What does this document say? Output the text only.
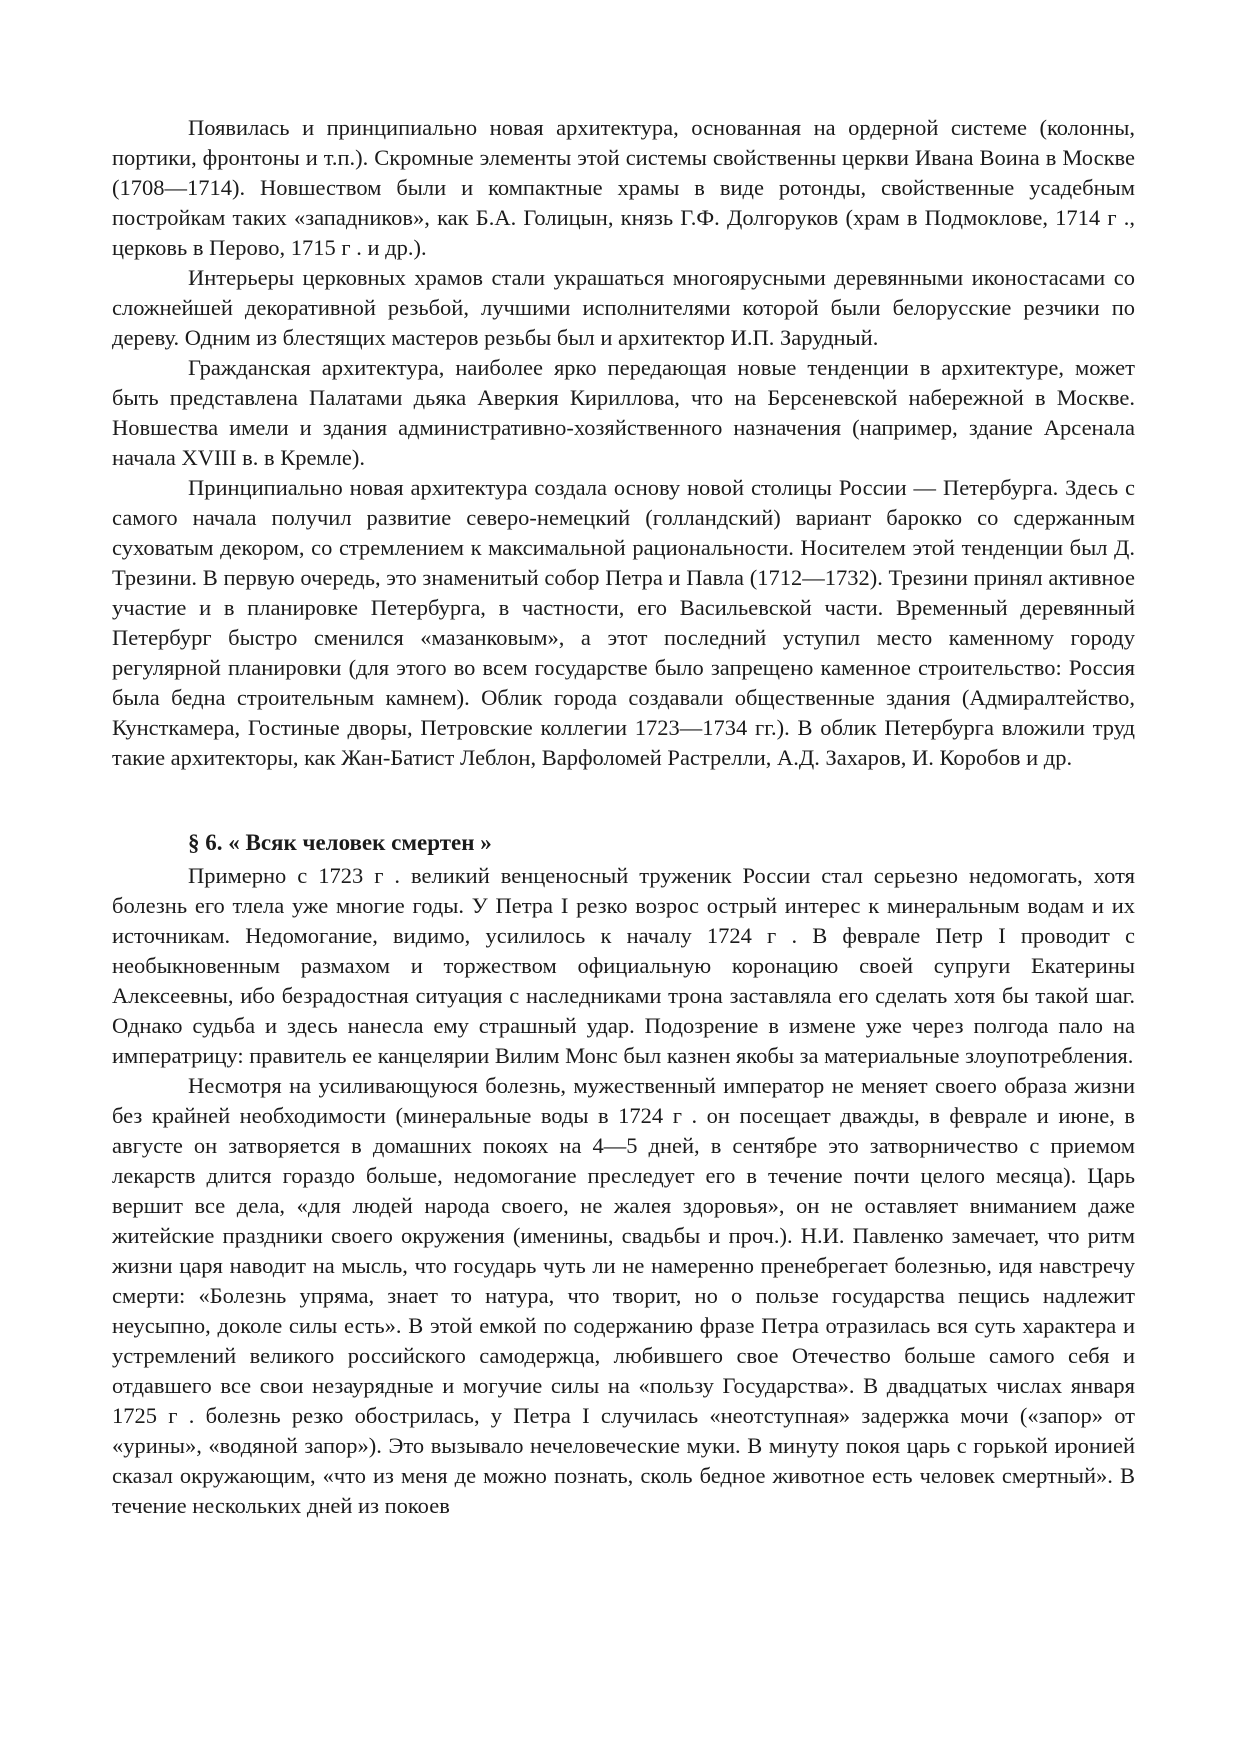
Появилась и принципиально новая архитектура, основанная на ордерной системе (колонны, портики, фронтоны и т.п.). Скромные элементы этой системы свойственны церкви Ивана Воина в Москве (1708—1714). Новшеством были и компактные храмы в виде ротонды, свойственные усадебным постройкам таких «западников», как Б.А. Голицын, князь Г.Ф. Долгоруков (храм в Подмоклове, 1714 г ., церковь в Перово, 1715 г . и др.).

Интерьеры церковных храмов стали украшаться многоярусными деревянными иконостасами со сложнейшей декоративной резьбой, лучшими исполнителями которой были белорусские резчики по дереву. Одним из блестящих мастеров резьбы был и архитектор И.П. Зарудный.

Гражданская архитектура, наиболее ярко передающая новые тенденции в архитектуре, может быть представлена Палатами дьяка Аверкия Кириллова, что на Берсеневской набережной в Москве. Новшества имели и здания административно-хозяйственного назначения (например, здание Арсенала начала XVIII в. в Кремле).

Принципиально новая архитектура создала основу новой столицы России — Петербурга. Здесь с самого начала получил развитие северо-немецкий (голландский) вариант барокко со сдержанным суховатым декором, со стремлением к максимальной рациональности. Носителем этой тенденции был Д. Трезини. В первую очередь, это знаменитый собор Петра и Павла (1712—1732). Трезини принял активное участие и в планировке Петербурга, в частности, его Васильевской части. Временный деревянный Петербург быстро сменился «мазанковым», а этот последний уступил место каменному городу регулярной планировки (для этого во всем государстве было запрещено каменное строительство: Россия была бедна строительным камнем). Облик города создавали общественные здания (Адмиралтейство, Кунсткамера, Гостиные дворы, Петровские коллегии 1723—1734 гг.). В облик Петербурга вложили труд такие архитекторы, как Жан-Батист Леблон, Варфоломей Растрелли, А.Д. Захаров, И. Коробов и др.

§ 6. « Всяк человек смертен »

Примерно с 1723 г . великий венценосный труженик России стал серьезно недомогать, хотя болезнь его тлела уже многие годы. У Петра I резко возрос острый интерес к минеральным водам и их источникам. Недомогание, видимо, усилилось к началу 1724 г . В феврале Петр I проводит с необыкновенным размахом и торжеством официальную коронацию своей супруги Екатерины Алексеевны, ибо безрадостная ситуация с наследниками трона заставляла его сделать хотя бы такой шаг. Однако судьба и здесь нанесла ему страшный удар. Подозрение в измене уже через полгода пало на императрицу: правитель ее канцелярии Вилим Монс был казнен якобы за материальные злоупотребления.

Несмотря на усиливающуюся болезнь, мужественный император не меняет своего образа жизни без крайней необходимости (минеральные воды в 1724 г . он посещает дважды, в феврале и июне, в августе он затворяется в домашних покоях на 4—5 дней, в сентябре это затворничество с приемом лекарств длится гораздо больше, недомогание преследует его в течение почти целого месяца). Царь вершит все дела, «для людей народа своего, не жалея здоровья», он не оставляет вниманием даже житейские праздники своего окружения (именины, свадьбы и проч.). Н.И. Павленко замечает, что ритм жизни царя наводит на мысль, что государь чуть ли не намеренно пренебрегает болезнью, идя навстречу смерти: «Болезнь упряма, знает то натура, что творит, но о пользе государства пещись надлежит неусыпно, доколе силы есть». В этой емкой по содержанию фразе Петра отразилась вся суть характера и устремлений великого российского самодержца, любившего свое Отечество больше самого себя и отдавшего все свои незаурядные и могучие силы на «пользу Государства». В двадцатых числах января 1725 г . болезнь резко обострилась, у Петра I случилась «неотступная» задержка мочи («запор» от «урины», «водяной запор»). Это вызывало нечеловеческие муки. В минуту покоя царь с горькой иронией сказал окружающим, «что из меня де можно познать, сколь бедное животное есть человек смертный». В течение нескольких дней из покоев
